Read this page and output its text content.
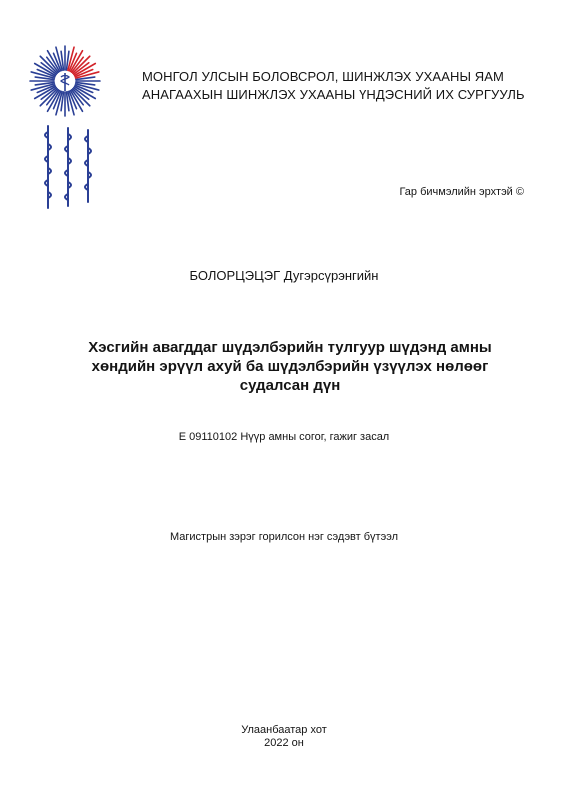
МОНГОЛ УЛСЫН БОЛОВСРОЛ, ШИНЖЛЭХ УХААНЫ ЯАМ
АНАГААХЫН ШИНЖЛЭХ УХААНЫ ҮНДЭСНИЙ ИХ СУРГУУЛЬ
Гар бичмэлийн эрхтэй ©
БОЛОРЦЭЦЭГ Дугэрсүрэнгийн
Хэсгийн авагддаг шүдэлбэрийн тулгуур шүдэнд амны хөндийн эрүүл ахуй ба шүдэлбэрийн үзүүлэх нөлөөг судалсан дүн
Е 09110102 Нүүр амны согог, гажиг засал
Магистрын зэрэг горилсон нэг сэдэвт бүтээл
Улаанбаатар хот
2022 он
